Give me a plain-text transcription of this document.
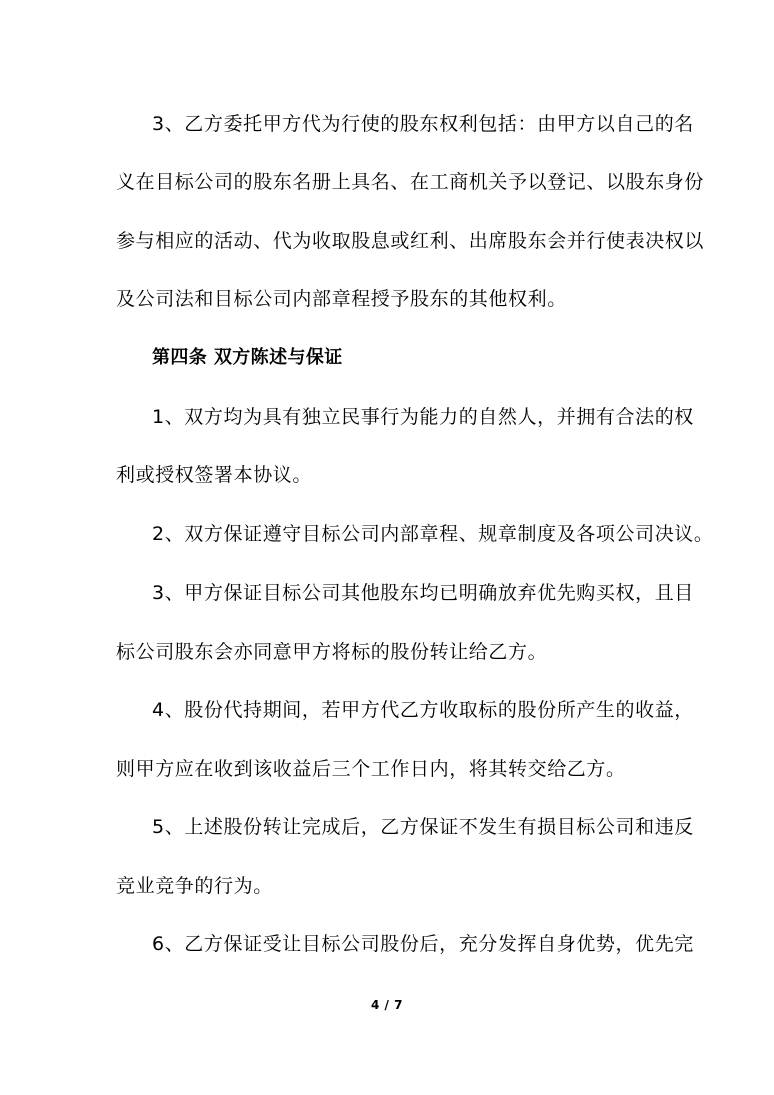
3、乙方委托甲方代为行使的股东权利包括：由甲方以自己的名
义在目标公司的股东名册上具名、在工商机关予以登记、以股东身份
参与相应的活动、代为收取股息或红利、出席股东会并行使表决权以
及公司法和目标公司内部章程授予股东的其他权利。
第四条 双方陈述与保证
1、双方均为具有独立民事行为能力的自然人，并拥有合法的权
利或授权签署本协议。
2、双方保证遵守目标公司内部章程、规章制度及各项公司决议。
3、甲方保证目标公司其他股东均已明确放弃优先购买权，且目
标公司股东会亦同意甲方将标的股份转让给乙方。
4、股份代持期间，若甲方代乙方收取标的股份所产生的收益，
则甲方应在收到该收益后三个工作日内，将其转交给乙方。
5、上述股份转让完成后，乙方保证不发生有损目标公司和违反
竞业竞争的行为。
6、乙方保证受让目标公司股份后，充分发挥自身优势，优先完
4 / 7
